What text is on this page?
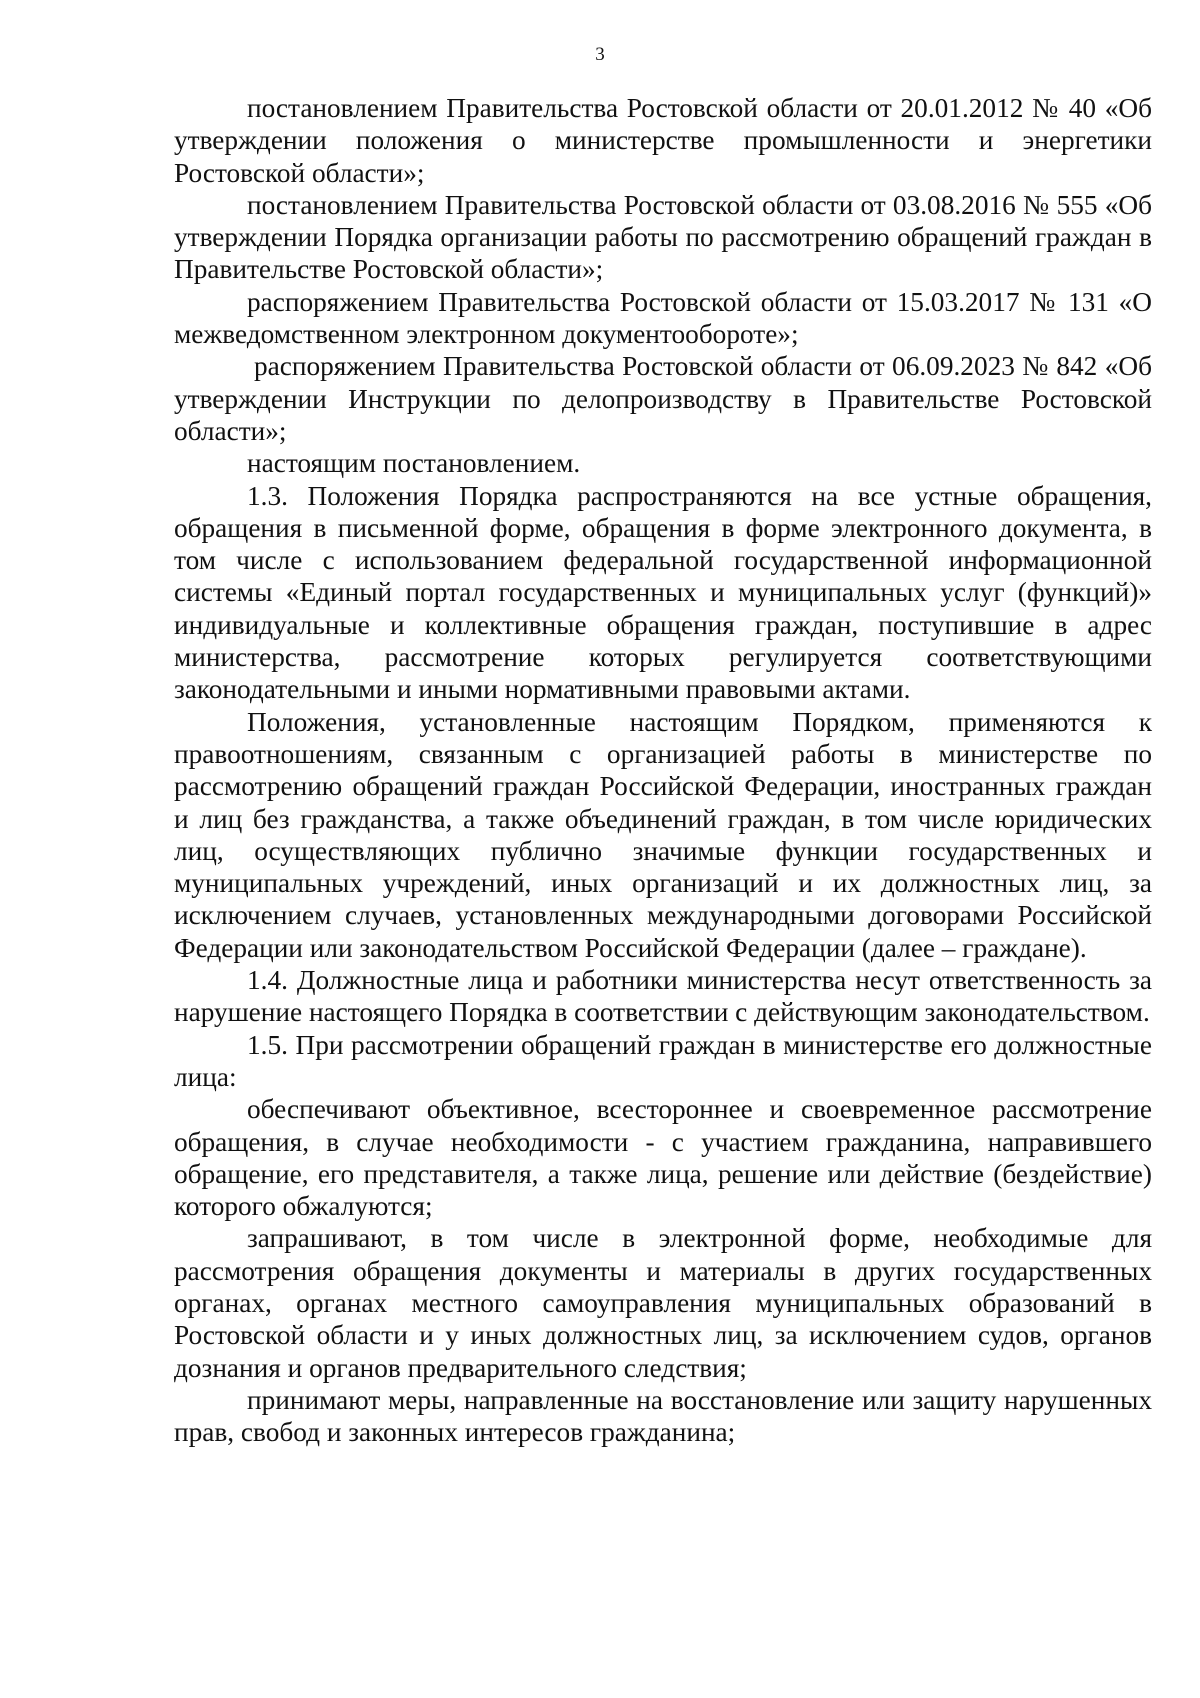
3

постановлением Правительства Ростовской области от 20.01.2012 № 40 «Об утверждении положения о министерстве промышленности и энергетики Ростовской области»;

постановлением Правительства Ростовской области от 03.08.2016 № 555 «Об утверждении Порядка организации работы по рассмотрению обращений граждан в Правительстве Ростовской области»;

распоряжением Правительства Ростовской области от 15.03.2017 № 131 «О межведомственном электронном документообороте»;

распоряжением Правительства Ростовской области от 06.09.2023 № 842 «Об утверждении Инструкции по делопроизводству в Правительстве Ростовской области»;

настоящим постановлением.

1.3. Положения Порядка распространяются на все устные обращения, обращения в письменной форме, обращения в форме электронного документа, в том числе с использованием федеральной государственной информационной системы «Единый портал государственных и муниципальных услуг (функций)» индивидуальные и коллективные обращения граждан, поступившие в адрес министерства, рассмотрение которых регулируется соответствующими законодательными и иными нормативными правовыми актами.

Положения, установленные настоящим Порядком, применяются к правоотношениям, связанным с организацией работы в министерстве по рассмотрению обращений граждан Российской Федерации, иностранных граждан и лиц без гражданства, а также объединений граждан, в том числе юридических лиц, осуществляющих публично значимые функции государственных и муниципальных учреждений, иных организаций и их должностных лиц, за исключением случаев, установленных международными договорами Российской Федерации или законодательством Российской Федерации (далее – граждане).

1.4. Должностные лица и работники министерства несут ответственность за нарушение настоящего Порядка в соответствии с действующим законодательством.

1.5. При рассмотрении обращений граждан в министерстве его должностные лица:

обеспечивают объективное, всестороннее и своевременное рассмотрение обращения, в случае необходимости - с участием гражданина, направившего обращение, его представителя, а также лица, решение или действие (бездействие) которого обжалуются;

запрашивают, в том числе в электронной форме, необходимые для рассмотрения обращения документы и материалы в других государственных органах, органах местного самоуправления муниципальных образований в Ростовской области и у иных должностных лиц, за исключением судов, органов дознания и органов предварительного следствия;

принимают меры, направленные на восстановление или защиту нарушенных прав, свобод и законных интересов гражданина;
